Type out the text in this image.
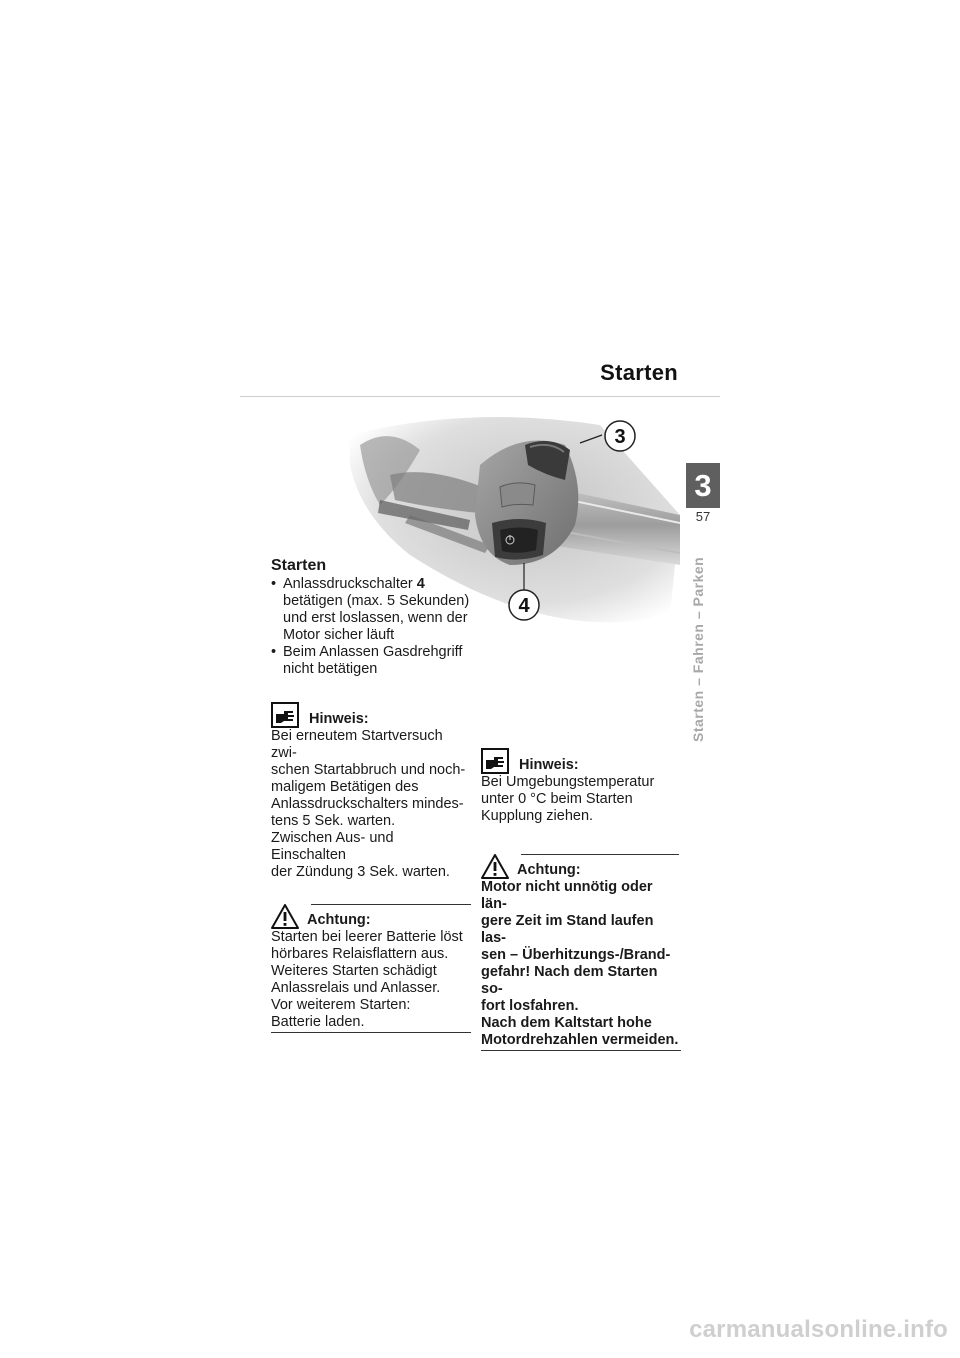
Starten
3
57
Starten – Fahren – Parken
3
4
Starten
• Anlassdruckschalter 4
betätigen (max. 5 Sekunden) und erst loslassen, wenn der Motor sicher läuft
• Beim Anlassen Gasdrehgriff nicht betätigen
Hinweis:
Bei erneutem Startversuch zwi-
schen Startabbruch und noch-
maligem Betätigen des
Anlassdruckschalters mindes-
tens 5 Sek. warten.
Zwischen Aus- und Einschalten
der Zündung 3 Sek. warten.
Achtung:
Starten bei leerer Batterie löst
hörbares Relaisflattern aus.
Weiteres Starten schädigt
Anlassrelais und Anlasser.
Vor weiterem Starten:
Batterie laden.
Hinweis:
Bei Umgebungstemperatur
unter 0 °C beim Starten
Kupplung ziehen.
Achtung:
Motor nicht unnötig oder län-
gere Zeit im Stand laufen las-
sen – Überhitzungs-/Brand-
gefahr! Nach dem Starten so-
fort losfahren.
Nach dem Kaltstart hohe
Motordrehzahlen vermeiden.
carmanualsonline.info
